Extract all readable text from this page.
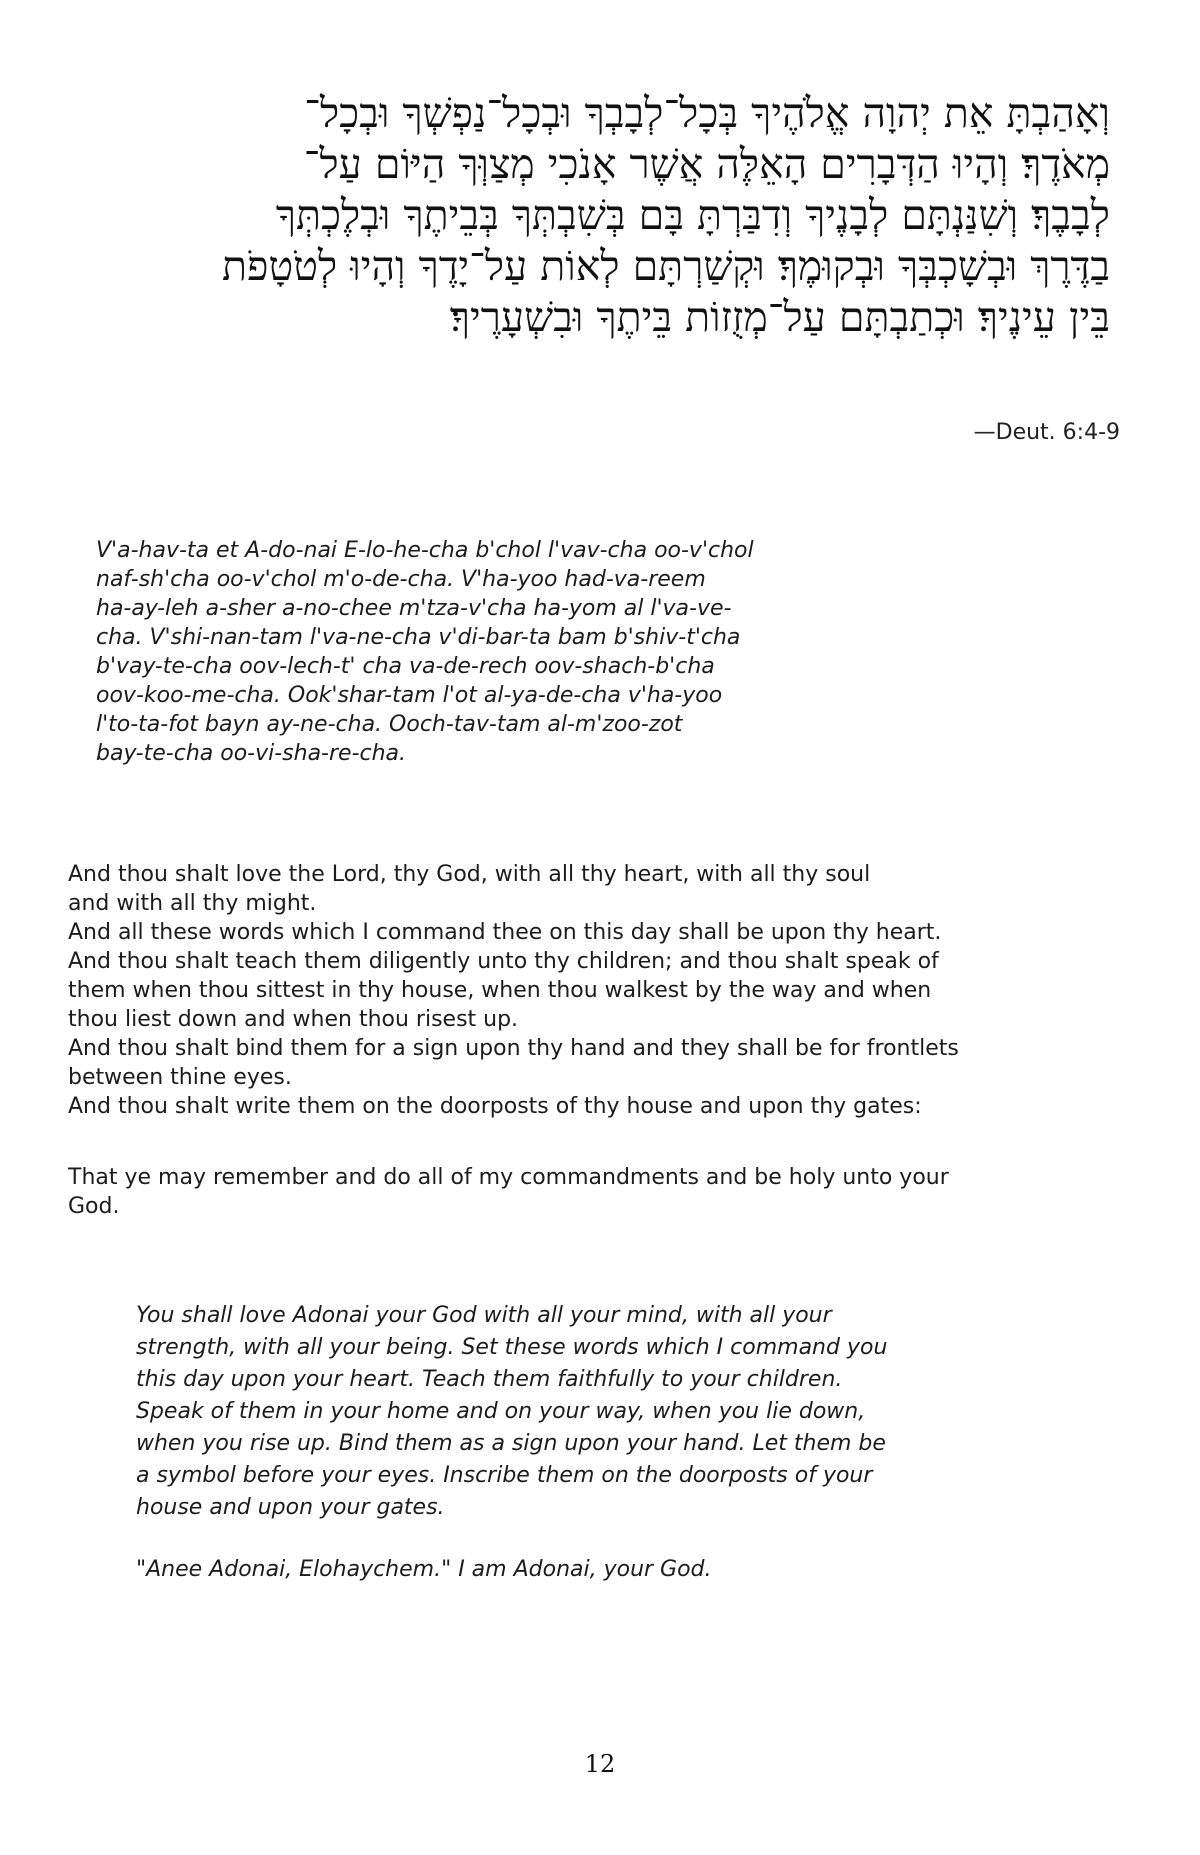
וְאָהַבְתָּ אֵת יְהוָה אֱלֹהֶיךָ בְּכָל־לְבָבְךָ וּבְכָל־נַפְשְׁךָ וּבְכָל־
מְאֹדֶךָ׃ וְהָיוּ הַדְּבָרִים הָאֵלֶּה אֲשֶׁר אָנֹכִי מְצַוְּךָ הַיּוֹם עַל־
לְבָבֶךָ׃ וְשִׁנַּנְתָּם לְבָנֶיךָ וְדִבַּרְתָּ בָּם בְּשִׁבְתְּךָ בְּבֵיתֶךָ וּבְלֶכְתְּךָ
בַדֶּרֶךְ וּבְשָׁכְבְּךָ וּבְקוּמֶךָ׃ וּקְשַׁרְתָּם לְאוֹת עַל־יָדֶךָ וְהָיוּ לְטֹטָפֹת
בֵּין עֵינֶיךָ׃ וּכְתַבְתָּם עַל־מְזֻזוֹת בֵּיתֶךָ וּבִשְׁעָרֶיךָ׃
—Deut. 6:4-9
V'a-hav-ta et A-do-nai E-lo-he-cha b'chol l'vav-cha oo-v'chol
naf-sh'cha oo-v'chol m'o-de-cha. V'ha-yoo had-va-reem
ha-ay-leh a-sher a-no-chee m'tza-v'cha ha-yom al l'va-ve-
cha. V'shi-nan-tam l'va-ne-cha v'di-bar-ta bam b'shiv-t'cha
b'vay-te-cha oov-lech-t' cha va-de-rech oov-shach-b'cha
oov-koo-me-cha. Ook'shar-tam l'ot al-ya-de-cha v'ha-yoo
l'to-ta-fot bayn ay-ne-cha. Ooch-tav-tam al-m'zoo-zot
bay-te-cha oo-vi-sha-re-cha.
And thou shalt love the Lord, thy God, with all thy heart, with all thy soul
and with all thy might.
And all these words which I command thee on this day shall be upon thy heart.
And thou shalt teach them diligently unto thy children; and thou shalt speak of
them when thou sittest in thy house, when thou walkest by the way and when
thou liest down and when thou risest up.
And thou shalt bind them for a sign upon thy hand and they shall be for frontlets
between thine eyes.
And thou shalt write them on the doorposts of thy house and upon thy gates:
That ye may remember and do all of my commandments and be holy unto your
God.
You shall love Adonai your God with all your mind, with all your
strength, with all your being. Set these words which I command you
this day upon your heart. Teach them faithfully to your children.
Speak of them in your home and on your way, when you lie down,
when you rise up. Bind them as a sign upon your hand. Let them be
a symbol before your eyes. Inscribe them on the doorposts of your
house and upon your gates.
"Anee Adonai, Elohaychem." I am Adonai, your God.
12
